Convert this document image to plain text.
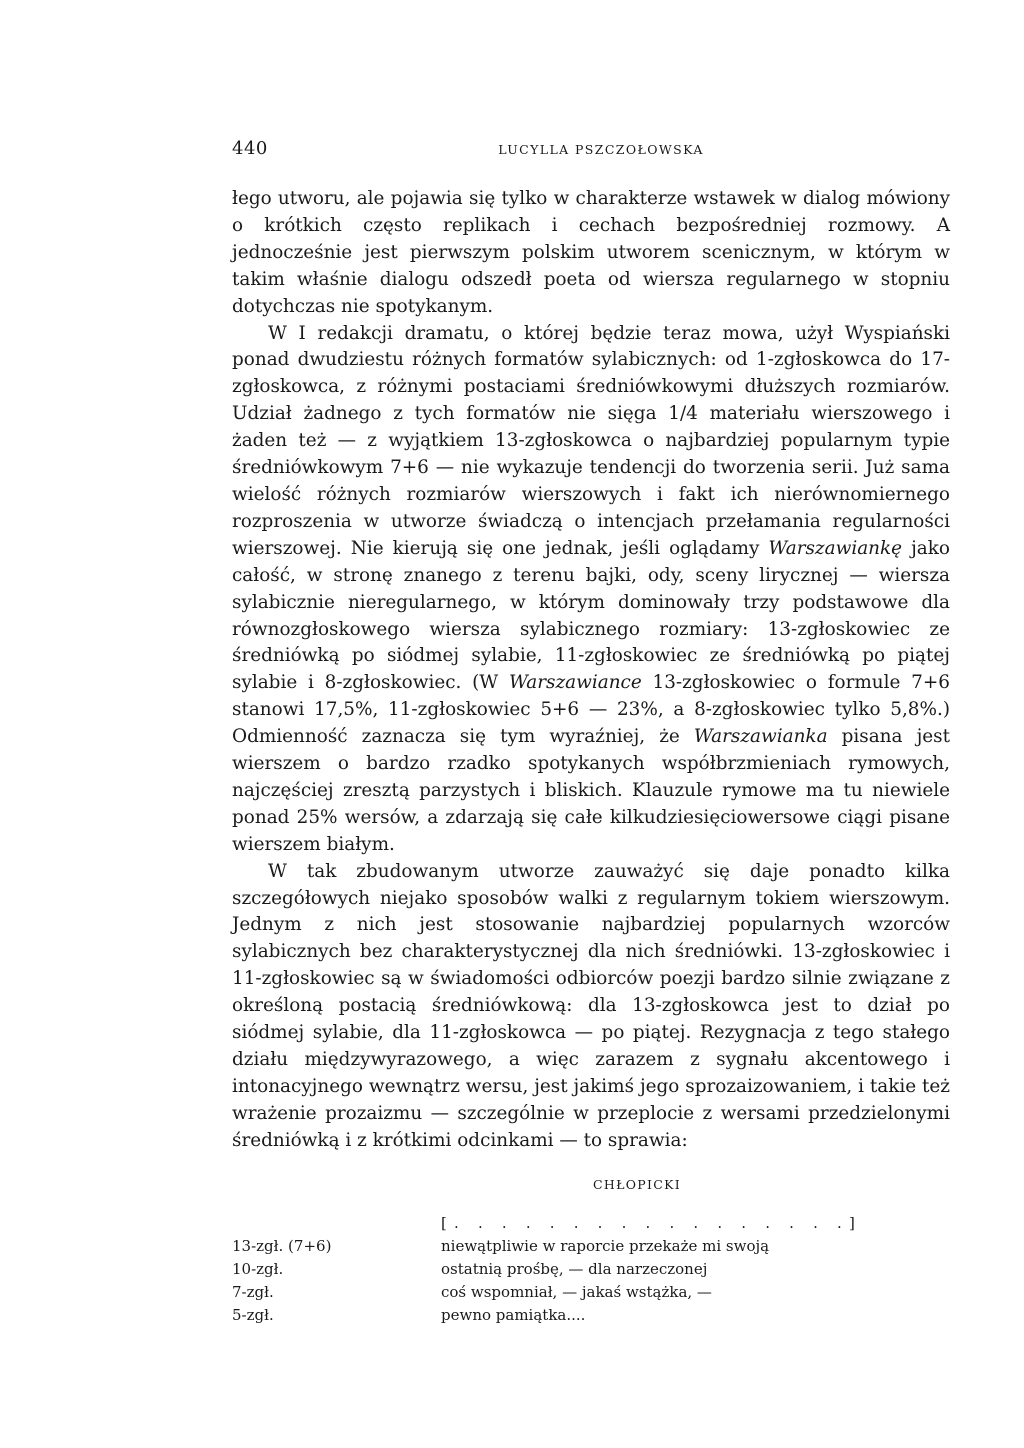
440	LUCYLLA PSZCZOŁOWSKA

łego utworu, ale pojawia się tylko w charakterze wstawek w dialog mówiony o krótkich często replikach i cechach bezpośredniej rozmowy. A jednocześnie jest pierwszym polskim utworem scenicznym, w którym w takim właśnie dialogu odszedł poeta od wiersza regularnego w stopniu dotychczas nie spotykanym.

W I redakcji dramatu, o której będzie teraz mowa, użył Wyspiański ponad dwudziestu różnych formatów sylabicznych: od 1-zgłoskowca do 17-zgłoskowca, z różnymi postaciami średniówkowymi dłuższych rozmiarów. Udział żadnego z tych formatów nie sięga 1/4 materiału wierszowego i żaden też — z wyjątkiem 13-zgłoskowca o najbardziej popularnym typie średniówkowym 7+6 — nie wykazuje tendencji do tworzenia serii. Już sama wielość różnych rozmiarów wierszowych i fakt ich nierównomiernego rozproszenia w utworze świadczą o intencjach przełamania regularności wierszowej. Nie kierują się one jednak, jeśli oglądamy Warszawiankę jako całość, w stronę znanego z terenu bajki, ody, sceny lirycznej — wiersza sylabicznie nieregularnego, w którym dominowały trzy podstawowe dla równozgłoskowego wiersza sylabicznego rozmiary: 13-zgłoskowiec ze średniówką po siódmej sylabie, 11-zgłoskowiec ze średniówką po piątej sylabie i 8-zgłoskowiec. (W Warszawiance 13-zgłoskowiec o formule 7+6 stanowi 17,5%, 11-zgłoskowiec 5+6 — 23%, a 8-zgłoskowiec tylko 5,8%.) Odmienność zaznacza się tym wyraźniej, że Warszawianka pisana jest wierszem o bardzo rzadko spotykanych współbrzmieniach rymowych, najczęściej zresztą parzystych i bliskich. Klauzule rymowe ma tu niewiele ponad 25% wersów, a zdarzają się całe kilkudziesięciowersowe ciągi pisane wierszem białym.

W tak zbudowanym utworze zauważyć się daje ponadto kilka szczegółowych niejako sposobów walki z regularnym tokiem wierszowym. Jednym z nich jest stosowanie najbardziej popularnych wzorców sylabicznych bez charakterystycznej dla nich średniówki. 13-zgłoskowiec i 11-zgłoskowiec są w świadomości odbiorców poezji bardzo silnie związane z określoną postacią średniówkową: dla 13-zgłoskowca jest to dział po siódmej sylabie, dla 11-zgłoskowca — po piątej. Rezygnacja z tego stałego działu międzywyrazowego, a więc zarazem z sygnału akcentowego i intonacyjnego wewnątrz wersu, jest jakimś jego sprozaizowaniem, i takie też wrażenie prozaizmu — szczególnie w przeplocie z wersami przedzielonymi średniówką i z krótkimi odcinkami — to sprawia:

CHŁOPICKI
[. . . . . . . . . . . . . . . . .]
13-zgł. (7+6)	niewątpliwie w raporcie przekaże mi swoją
10-zgł.	ostatnią prośbę, — dla narzeczonej
7-zgł.	coś wspomniał, — jakaś wstążka, —
5-zgł.	pewno pamiątka....
